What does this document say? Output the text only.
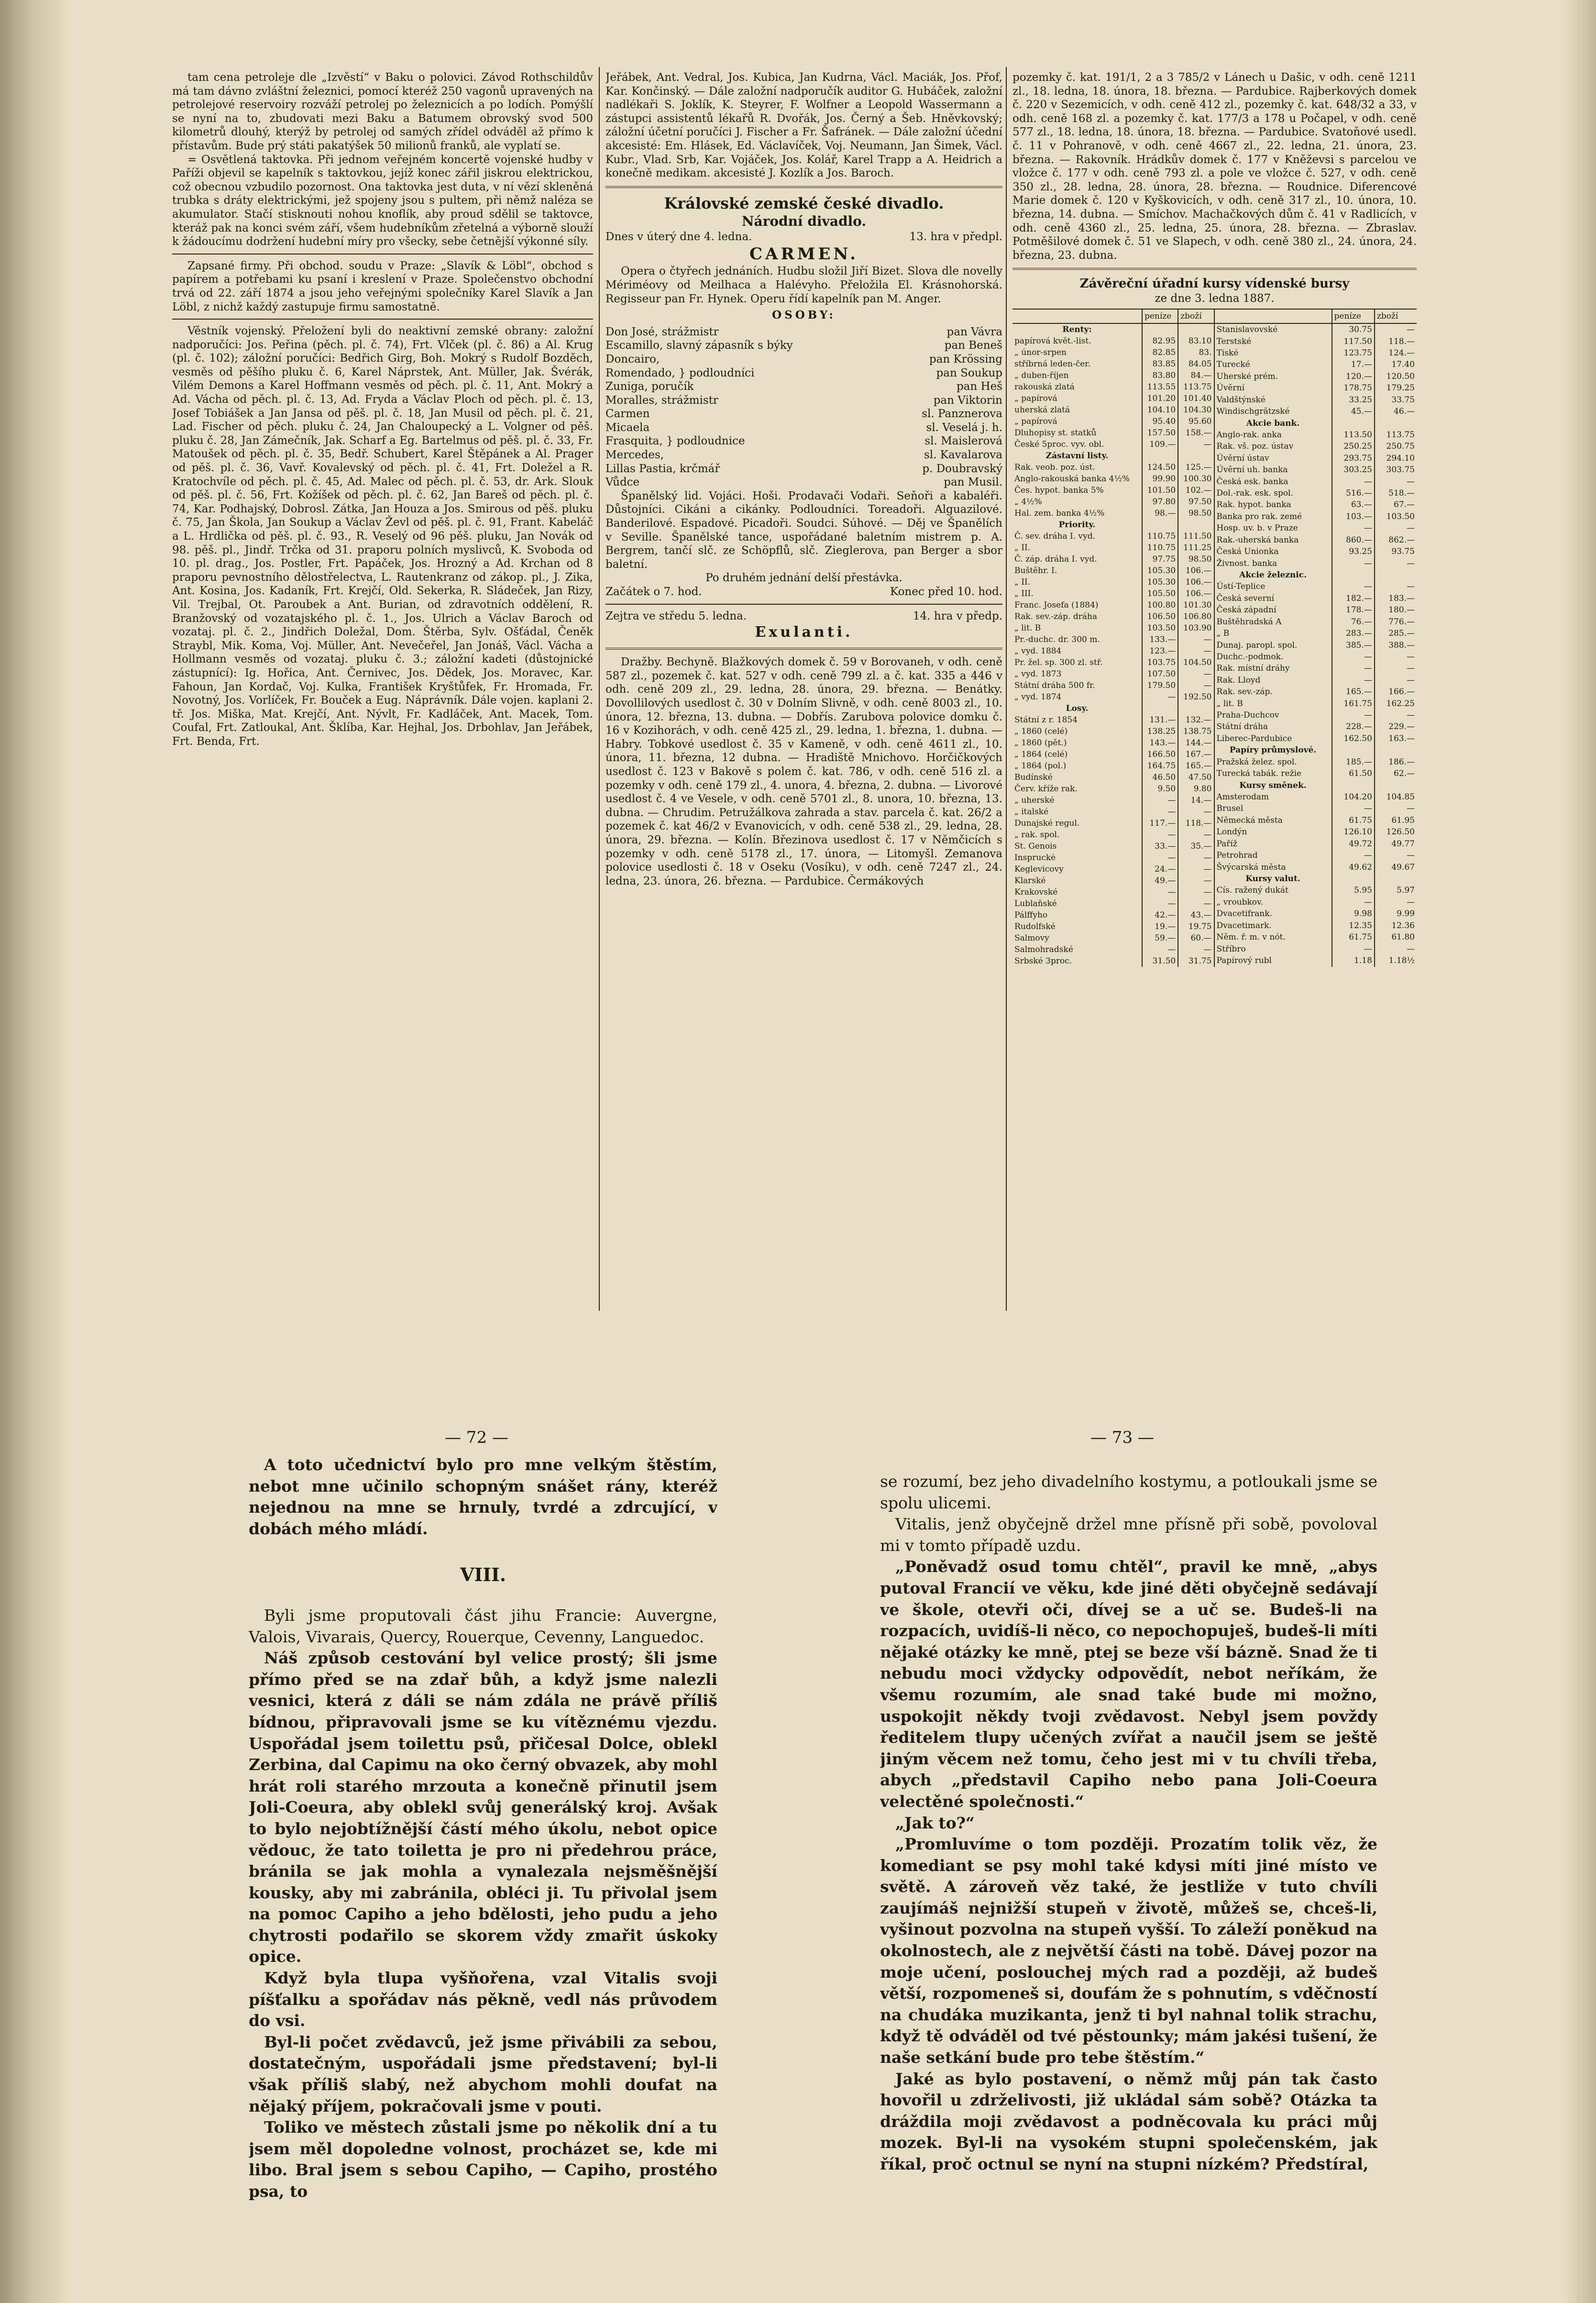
tam cena petroleje dle „Izvěstí“ v Baku o polovici. Závod Rothschildův má tam dávno zvláštní železnici, pomocí kteréž 250 vagonů upravených na petrolejové reservoiry rozváží petrolej po železnicích a po lodích. Pomýšlí se nyní na to, zbudovati mezi Baku a Batumem obrovský svod 500 kilometrů dlouhý, kterýž by petrolej od samých zřídel odváděl až přímo k přístavům. Bude prý státi pakatýšek 50 milionů franků, ale vyplatí se.

= Osvětlená taktovka. Při jednom veřejném koncertě vojenské hudby v Paříži objevil se kapelník s taktovkou, jejíž konec zářil jiskrou elektrickou, což obecnou vzbudilo pozornost. Ona taktovka jest duta, v ní vězí skleněná trubka s dráty elektrickými, jež spojeny jsou s pultem, při němž naléza se akumulator. Stačí stisknouti nohou knoflík, aby proud sdělil se taktovce, kteráž pak na konci svém září, všem hudebníkům zřetelná a výborně slouží k žádoucímu dodržení hudební míry pro všecky, sebe četnější výkonné síly.

Zapsané firmy. Při obchod. soudu v Praze: „Slavík & Löbl“, obchod s papírem a potřebami ku psaní i kreslení v Praze. Společenstvo obchodní trvá od 22. září 1874 a jsou jeho veřejnými společníky Karel Slavík a Jan Löbl, z nichž každý zastupuje firmu samostatně.

Věstník vojenský. Přeložení byli do neaktivní zemské obrany: založní nadporučíci: Jos. Peřina (pěch. pl. č. 74), Frt. Vlček (pl. č. 86) a Al. Krug (pl. č. 102); záložní poručíci: Bedřich Girg, Boh. Mokrý s Rudolf Bozděch, vesměs od pěšího pluku č. 6, Karel Náprstek, Ant. Müller, Jak. Švérák, Vilém Demons a Karel Hoffmann vesměs od pěch. pl. č. 11, Ant. Mokrý a Ad. Vácha od pěch. pl. č. 13, Ad. Fryda a Václav Ploch od pěch. pl. č. 13, Josef Tobiášek a Jan Jansa od pěš. pl. č. 18, Jan Musil od pěch. pl. č. 21, Lad. Fischer od pěch. pluku č. 24, Jan Chaloupecký a L. Volgner od pěš. pluku č. 28, Jan Zámečník, Jak. Scharf a Eg. Bartelmus od pěš. pl. č. 33, Fr. Matoušek od pěch. pl. č. 35, Bedř. Schubert, Karel Štěpánek a Al. Prager od pěš. pl. č. 36, Vavř. Kovalevský od pěch. pl. č. 41, Frt. Doležel a R. Kratochvíle od pěch. pl. č. 45, Ad. Malec od pěch. pl. č. 53, dr. Ark. Slouk od pěš. pl. č. 56, Frt. Kožíšek od pěch. pl. č. 62, Jan Bareš od pěch. pl. č. 74, Kar. Podhajský, Dobrosl. Zátka, Jan Houza a Jos. Smirous od pěš. pluku č. 75, Jan Škola, Jan Soukup a Václav Ževl od pěš. pl. č. 91, Frant. Kabeláč a L. Hrdlička od pěš. pl. č. 93., R. Veselý od 96 pěš. pluku, Jan Novák od 98. pěš. pl., Jindř. Trčka od 31. praporu polních myslivců, K. Svoboda od 10. pl. drag., Jos. Postler, Frt. Papáček, Jos. Hrozný a Ad. Krchan od 8 praporu pevnostního dělostřelectva, L. Rautenkranz od zákop. pl., J. Zika, Ant. Kosina, Jos. Kadaník, Frt. Krejčí, Old. Sekerka, R. Sládeček, Jan Rizy, Vil. Trejbal, Ot. Paroubek a Ant. Burian, od zdravotních oddělení, R. Branžovský od vozatajského pl. č. 1., Jos. Ulrich a Václav Baroch od vozataj. pl. č. 2., Jindřich Doležal, Dom. Štěrba, Sylv. Ošťádal, Čeněk Straybl, Mik. Koma, Voj. Müller, Ant. Nevečeřel, Jan Jonáš, Václ. Vácha a Hollmann vesměs od vozataj. pluku č. 3.; záložní kadeti (důstojnické zástupnící): Ig. Hořica, Ant. Černivec, Jos. Dědek, Jos. Moravec, Kar. Fahoun, Jan Kordač, Voj. Kulka, František Kryštůfek, Fr. Hromada, Fr. Novotný, Jos. Vorlíček, Fr. Bouček a Eug. Náprávník. Dále vojen. kaplani 2. tř. Jos. Miška, Mat. Krejčí, Ant. Nývlt, Fr. Kadláček, Ant. Macek, Tom. Coufal, Frt. Zatloukal, Ant. Šklíba, Kar. Hejhal, Jos. Drbohlav, Jan Jeřábek, Frt. Benda, Frt.

Jeřábek, Ant. Vedral, Jos. Kubica, Jan Kudrna, Václ. Maciák, Jos. Přof, Kar. Končinský. — Dále založní nadporučík auditor G. Hubáček, založní nadlékaři S. Joklík, K. Steyrer, F. Wolfner a Leopold Wassermann a zástupci assistentů lékařů R. Dvořák, Jos. Černý a Šeb. Hněvkovský; záložní účetní poručíci J. Fischer a Fr. Šafránek. — Dále založní účední akcesisté: Em. Hlásek, Ed. Václavíček, Voj. Neumann, Jan Šimek, Václ. Kubr., Vlad. Srb, Kar. Vojáček, Jos. Kolář, Karel Trapp a A. Heidrich a konečně medikam. akcesisté J. Kozlík a Jos. Baroch.

Královské zemské české divadlo.

Národní divadlo.

Dnes v úterý dne 4. ledna.	13. hra v předpl.

CARMEN.

Opera o čtyřech jednáních. Hudbu složil Jiří Bizet. Slova dle novelly Mériméovy od Meilhaca a Halévyho. Přeložila El. Krásnohorská. Regisseur pan Fr. Hynek. Operu řídí kapelník pan M. Anger.

OSOBY:

Don José, strážmistr	pan Vávra
Escamillo, slavný zápasník s býky	pan Beneš
Doncairo,	pan Krössing
Romendado, } podloudníci	pan Soukup
Zuniga, poručík	pan Heš
Moralles, strážmistr	pan Viktorin
Carmen	sl. Panznerova
Micaela	sl. Veselá j. h.
Frasquita, } podloudnice	sl. Maislerová
Mercedes,	sl. Kavalarova
Lillas Pastia, krčmář	p. Doubravský
Vůdce	pan Musil.

Španělský lid. Vojáci. Hoši. Prodavači Vodaři. Seňoři a kabaléři. Důstojníci. Cikáni a cikánky. Podloudníci. Toreadoři. Alguazilové. Banderilové. Espadové. Picadoři. Soudci. Súhové. — Děj ve Španělích v Seville. Španělské tance, uspořádané baletním mistrem p. A. Bergrem, tančí slč. ze Schöpflů, slč. Zieglerova, pan Berger a sbor baletní.

Po druhém jednání delší přestávka.

Začátek o 7. hod.	Konec před 10. hod.
Zejtra ve středu 5. ledna.	14. hra v předp.

Exulanti.

Dražby. Bechyně. Blažkových domek č. 59 v Borovaneh, v odh. ceně 587 zl., pozemek č. kat. 527 v odh. ceně 799 zl. a č. kat. 335 a 446 v odh. ceně 209 zl., 29. ledna, 28. února, 29. března. — Benátky. Dovollilových usedlost č. 30 v Dolním Slivně, v odh. ceně 8003 zl., 10. února, 12. března, 13. dubna. — Dobřís. Zarubova polovice domku č. 16 v Kozihorách, v odh. ceně 425 zl., 29. ledna, 1. března, 1. dubna. — Habry. Tobkové usedlost č. 35 v Kameně, v odh. ceně 4611 zl., 10. února, 11. března, 12 dubna. — Hradiště Mnichovo. Horčičkových usedlost č. 123 v Bakově s polem č. kat. 786, v odh. ceně 516 zl. a pozemky v odh. ceně 179 zl., 4. unora, 4. března, 2. dubna. — Livorové usedlost č. 4 ve Vesele, v odh. ceně 5701 zl., 8. unora, 10. března, 13. dubna. — Chrudim. Petružálkova zahrada a stav. parcela č. kat. 26/2 a pozemek č. kat 46/2 v Evanovicích, v odh. ceně 538 zl., 29. ledna, 28. února, 29. března. — Kolín. Březinova usedlost č. 17 v Němčicích s pozemky v odh. ceně 5178 zl., 17. února, — Litomyšl. Zemanova polovice usedlosti č. 18 v Oseku (Vosíku), v odh. ceně 7247 zl., 24. ledna, 23. února, 26. března. — Pardubice. Čermákových

pozemky č. kat. 191/1, 2 a 3 785/2 v Lánech u Dašic, v odh. ceně 1211 zl., 18. ledna, 18. února, 18. března. — Pardubice. Rajberkových domek č. 220 v Sezemicích, v odh. ceně 412 zl., pozemky č. kat. 648/32 a 33, v odh. ceně 168 zl. a pozemky č. kat. 177/3 a 178 u Počapel, v odh. ceně 577 zl., 18. ledna, 18. února, 18. března. — Pardubice. Svatoňové usedl. č. 11 v Pohranově, v odh. ceně 4667 zl., 22. ledna, 21. února, 23. března. — Rakovník. Hrádkův domek č. 177 v Kněževsi s parcelou ve vložce č. 177 v odh. ceně 793 zl. a pole ve vložce č. 527, v odh. ceně 350 zl., 28. ledna, 28. února, 28. března. — Roudnice. Diferencové Marie domek č. 120 v Kyškovicích, v odh. ceně 317 zl., 10. února, 10. března, 14. dubna. — Smíchov. Machačkových dům č. 41 v Radlicích, v odh. ceně 4360 zl., 25. ledna, 25. února, 28. března. — Zbraslav. Potměšilové domek č. 51 ve Slapech, v odh. ceně 380 zl., 24. února, 24. března, 23. dubna.

Závěreční úřadní kursy vídenské bursy

ze dne 3. ledna 1887.

	peníze	zboží
Renty:		
papírová květ.-list.	82.95	83.10
„ únor-srpen	82.85	83.
stříbrná leden-čer.	83.85	84.05
„ duben-říjen	83.80	84.—
rakouská zlatá	113.55	113.75
„ papírová	101.20	101.40
uherská zlatá	104.10	104.30
„ papírová	95.40	95.60
Dluhopisy st. statků	157.50	158.—
České 5proc. vyv. obl.	109.—	—
Zástavní listy.		
Rak. veob. poz. úst.	124.50	125.—
Anglo-rakouská banka 4½%	99.90	100.30
Čes. hypot. banka 5%	101.50	102.—
„ 4½%	97.80	97.50
Hal. zem. banka 4½%	98.—	98.50
Priority.		
Č. sev. dráha I. vyd.	110.75	111.50
„ II.	110.75	111.25
Č. záp. dráha I. vyd.	97.75	98.50
Buštěhr. I.	105.30	106.—
„ II.	105.30	106.—
„ III.	105.50	106.—
Franc. Josefa (1884)	100.80	101.30
Rak. sev.-záp. dráha	106.50	106.80
„ lit. B	103.50	103.90
Pr.-duchc. dr. 300 m.	133.—	—
„ vyd. 1884	123.—	—
Pr. žel. sp. 300 zl. stř.	103.75	104.50
„ vyd. 1873	107.50	—
Státní dráha 500 fr.	179.50	—
„ vyd. 1874	—	192.50
Losy.		
Státní z r. 1854	131.—	132.—
„ 1860 (celé)	138.25	138.75
„ 1860 (pět.)	143.—	144.—
„ 1864 (celé)	166.50	167.—
„ 1864 (pol.)	164.75	165.—
Budínské	46.50	47.50
Červ. kříže rak.	9.50	9.80
„ uherské	—	14.—
„ italské	—	—
Dunajské regul.	117.—	118.—
„ rak. spol.	—	—
St. Genois	33.—	35.—
Inspruckė	—	—
Keglevicovy	24.—	—
Klarské	49.—	—
Krakovské	—	—
Lublaňské	—	—
Pálffyho	42.—	43.—
Rudolfské	19.—	19.75
Salmovy	59.—	60.—
Salmohradské	—	—
Srbské 3proc.	31.50	31.75
	peníze	zboží
Stanislavovské	30.75	—
Terstské	117.50	118.—
Tiské	123.75	124.—
Turecké	17.—	17.40
Uherské prém.	120.—	120.50
Úvěrní	178.75	179.25
Valdštýnské	33.25	33.75
Windischgrätzské	45.—	46.—
Akcie bank.		
Anglo-rak. anka	113.50	113.75
Rak. vš. poz. ústav	250.25	250.75
Úvěrní ústav	293.75	294.10
Úvěrní uh. banka	303.25	303.75
Česká esk. banka	—	—
Dol.-rak. esk. spol.	516.—	518.—
Rak. hypot. banka	63.—	67.—
Banka pro rak. zemé	103.—	103.50
Hosp. uv. b. v Praze	—	—
Rak.-uherská banka	860.—	862.—
Česká Unionka	93.25	93.75
Živnost. banka	—	—
Akcie železnic.		
Ústí-Teplice	—	—
Česká severní	182.—	183.—
Česká západní	178.—	180.—
Buštěhradská A	76.—	776.—
„ B	283.—	285.—
Dunaj. paropl. spol.	385.—	388.—
Duchc.-podmok.	—	—
Rak. místní dráhy	—	—
Rak. Lloyd	—	—
Rak. sev.-záp.	165.—	166.—
„ lit. B	161.75	162.25
Praha-Duchcov	—	—
Státní dráha	228.—	229.—
Liberec-Pardubice	162.50	163.—
Papíry průmyslové.		
Pražská želez. spol.	185.—	186.—
Turecká tabák. režie	61.50	62.—
Kursy směnek.		
Amsterodam	104.20	104.85
Brusel	—	—
Německá města	61.75	61.95
Londýn	126.10	126.50
Paříž	49.72	49.77
Petrohrad	—	—
Švýcarská města	49.62	49.67
Kursy valut.		
Cís. ražený dukát	5.95	5.97
„ vroubkov.	—	—
Dvacetifrank.	9.98	9.99
Dvacetimark.	12.35	12.36
Něm. ř. m. v nót.	61.75	61.80
Stříbro	—	—
Papírový rubl	1.18	1.18½
— 72 —	— 73 —

A toto učednictví bylo pro mne velkým štěstím, nebot mne učinilo schopným snášet rány, kteréž nejednou na mne se hrnuly, tvrdé a zdrcující, v dobách mého mládí.

VIII.

Byli jsme proputovali část jihu Francie: Auvergne, Valois, Vivarais, Quercy, Rouerque, Cevenny, Languedoc.

Náš způsob cestování byl velice prostý; šli jsme přímo před se na zdař bůh, a když jsme nalezli vesnici, která z dáli se nám zdála ne právě příliš bídnou, připravovali jsme se ku vítěznému vjezdu. Uspořádal jsem toilettu psů, přičesal Dolce, oblekl Zerbina, dal Capimu na oko černý obvazek, aby mohl hrát roli starého mrzouta a konečně přinutil jsem Joli-Coeura, aby oblekl svůj generálský kroj. Avšak to bylo nejobtížnější částí mého úkolu, nebot opice vědouc, že tato toiletta je pro ni předehrou práce, bránila se jak mohla a vynalezala nejsměšnější kousky, aby mi zabránila, obléci ji. Tu přivolal jsem na pomoc Capiho a jeho bdělosti, jeho pudu a jeho chytrosti podařilo se skorem vždy zmařit úskoky opice.

Když byla tlupa vyšňořena, vzal Vitalis svoji píšťalku a spořádav nás pěkně, vedl nás průvodem do vsi.

Byl-li počet zvědavců, jež jsme přivábili za sebou, dostatečným, uspořádali jsme představení; byl-li však příliš slabý, než abychom mohli doufat na nějaký příjem, pokračovali jsme v pouti.

Toliko ve městech zůstali jsme po několik dní a tu jsem měl dopoledne volnost, procházet se, kde mi libo. Bral jsem s sebou Capiho, — Capiho, prostého psa, to

se rozumí, bez jeho divadelního kostymu, a potloukali jsme se spolu ulicemi.

Vitalis, jenž obyčejně držel mne přísně při sobě, povoloval mi v tomto případě uzdu.

„Poněvadž osud tomu chtěl“, pravil ke mně, „abys putoval Francií ve věku, kde jiné děti obyčejně sedávají ve škole, otevři oči, dívej se a uč se. Budeš-li na rozpacích, uvidíš-li něco, co nepochopuješ, budeš-li míti nějaké otázky ke mně, ptej se beze vší bázně. Snad že ti nebudu moci vždycky odpovědít, nebot neříkám, že všemu rozumím, ale snad také bude mi možno, uspokojit někdy tvoji zvědavost. Nebyl jsem povždy ředitelem tlupy učených zvířat a naučil jsem se ještě jiným věcem než tomu, čeho jest mi v tu chvíli třeba, abych „představil Capiho nebo pana Joli-Coeura velectěné společnosti.“

„Jak to?“

„Promluvíme o tom později. Prozatím tolik věz, že komediant se psy mohl také kdysi míti jiné místo ve světě. A zároveň věz také, že jestliže v tuto chvíli zaujímáš nejnižší stupeň v životě, můžeš se, chceš-li, vyšinout pozvolna na stupeň vyšší. To záleží poněkud na okolnostech, ale z největší části na tobě. Dávej pozor na moje učení, poslouchej mých rad a později, až budeš větší, rozpomeneš si, doufám že s pohnutím, s vděčností na chudáka muzikanta, jenž ti byl nahnal tolik strachu, když tě odváděl od tvé pěstounky; mám jakési tušení, že naše setkání bude pro tebe štěstím.“

Jaké as bylo postavení, o němž můj pán tak často hovořil u zdrželivosti, již ukládal sám sobě? Otázka ta dráždila moji zvědavost a podněcovala ku práci můj mozek. Byl-li na vysokém stupni společenském, jak říkal, proč octnul se nyní na stupni nízkém? Předstíral,
